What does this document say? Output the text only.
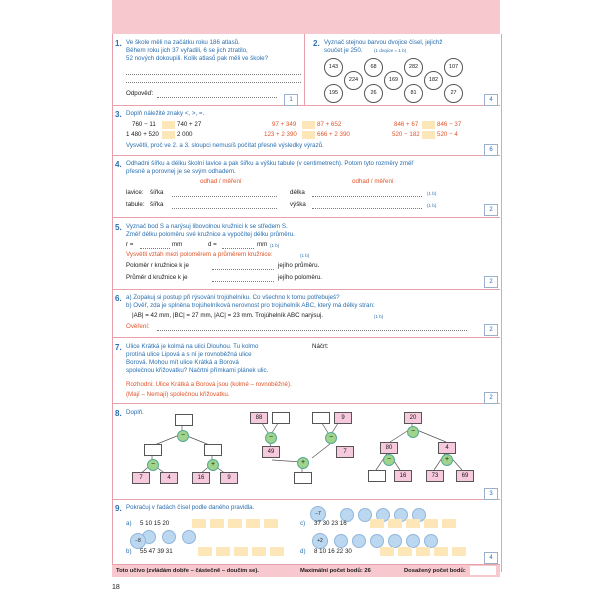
1. Ve škole měli na začátku roku 186 atlasů.
Během roku jich 37 vyřadili, 6 se jich ztratilo,
52 nových dokoupili. Kolik atlasů pak měli ve škole?
Odpověď:
1
2. Vyznač stejnou barvou dvojice čísel, jejichž
součet je 250.	(1 dvojice = 1 b)
143	68	282	107
224	169	182
195	26	81	27
4
3. Doplň náležité znaky <, >, =.
760 − 11	740 + 27	97 + 349	87 + 652	846 + 67	846 − 37
1 480 + 520	2 000	123 + 2 390	666 + 2 390	520 − 182	520 − 4
Vysvětli, proč ve 2. a 3. sloupci nemusíš počítat přesně výsledky výrazů.
6
4. Odhadni šířku a délku školní lavice a pak šířku a výšku tabule (v centimetrech). Potom tyto rozměry změř
přesně a porovnej je se svým odhadem.
odhad / měření	odhad / měření
lavice: šířka	délka	(1 b)
tabule: šířka	výška	(1 b)
2
5. Vyznač bod S a narýsuj libovolnou kružnici k se středem S.
Změř délku poloměru své kružnice a vypočítej délku průměru.
r =	mm	d =	mm (1 b)
Vysvětli vztah mezi poloměrem a průměrem kružnice:	(1 b)
Poloměr r kružnice k je	jejího průměru.
Průměr d kružnice k je	jejího poloměru.
2
6. a) Zopakuj si postup při rýsování trojúhelníku. Co všechno k tomu potřebuješ?
b) Ověř, zda je splněna trojúhelníková nerovnost pro trojúhelník ABC, který má délky stran:
|AB| = 42 mm, |BC| = 27 mm, |AC| = 23 mm. Trojúhelník ABC narýsuj.	(1 b)
Ověření:	2
7. Ulice Krátká je kolmá na ulici Dlouhou. Tu kolmo
protíná ulice Lipová a s ní je rovnoběžná ulice
Borová. Mohou mít ulice Krátká a Borová
společnou křižovatku? Načrtni přímkami plánek ulic.
Náčrt:
Rozhodni: Ulice Krátká a Borová jsou (kolmé – rovnoběžné).
(Mají – Nemají) společnou křižovatku.	2
8. Doplň.
−
−	+
7	4	16	9
88	9
−	−
49	7
+
20
−
80	4
−	+
16	73	69
3
9. Pokračuj v řadách čísel podle daného pravidla.
a) 5 10 15 20
−8
b) 55 47 39 31
−7
c) 37 30 23 16
+2
d) 8 10 16 22 30
4
Toto učivo (zvládám dobře – částečně – doučím se).	Maximální počet bodů: 26	Dosažený počet bodů:
18
